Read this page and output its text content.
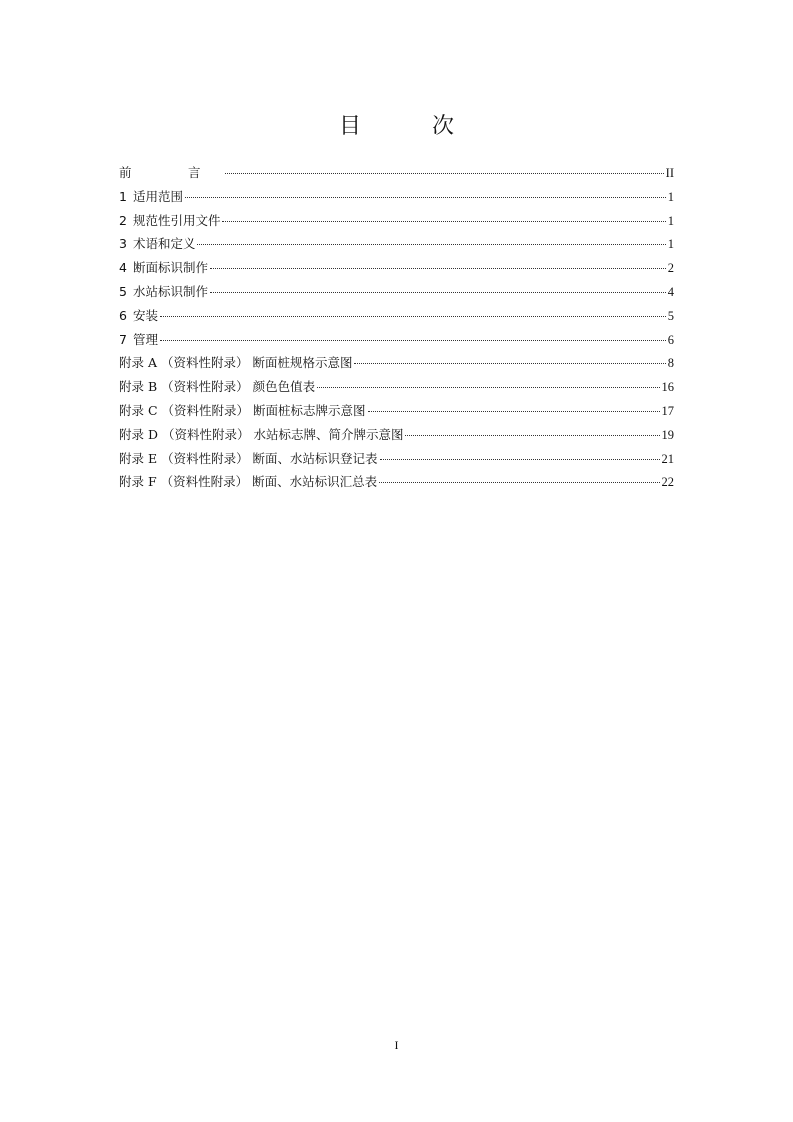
目 次
前　言	II
1 适用范围	1
2 规范性引用文件	1
3 术语和定义	1
4 断面标识制作	2
5 水站标识制作	4
6 安装	5
7 管理	6
附录 A （资料性附录） 断面桩规格示意图	8
附录 B （资料性附录） 颜色色值表	16
附录 C （资料性附录） 断面桩标志牌示意图	17
附录 D （资料性附录） 水站标志牌、简介牌示意图	19
附录 E （资料性附录） 断面、水站标识登记表	21
附录 F （资料性附录） 断面、水站标识汇总表	22
I
